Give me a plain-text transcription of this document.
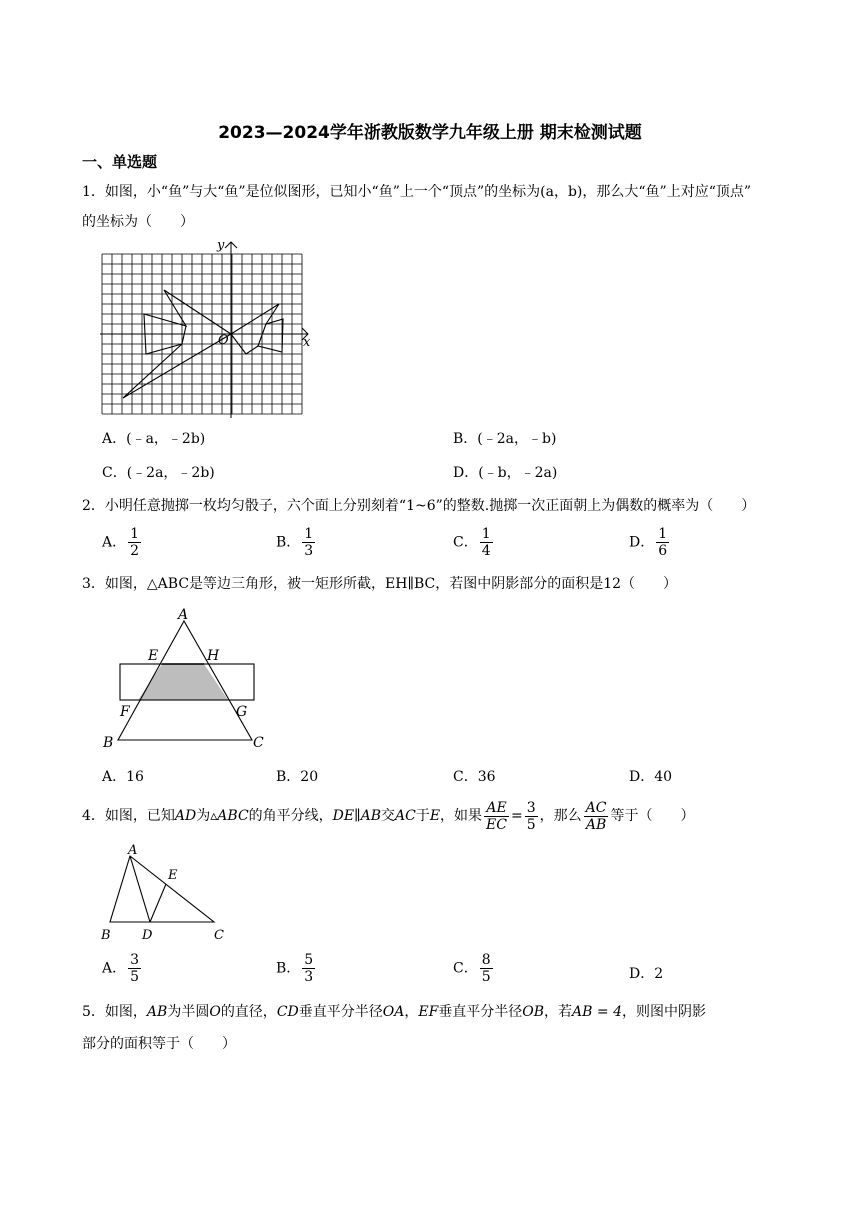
2023—2024学年浙教版数学九年级上册 期末检测试题
一、单选题
1．如图，小“鱼”与大“鱼”是位似图形，已知小“鱼”上一个“顶点”的坐标为(a，b)，那么大“鱼”上对应“顶点”
的坐标为（　　）
y
O	x
A．(﹣a，﹣2b)	B．(﹣2a，﹣b)
C．(﹣2a，﹣2b)	D．(﹣b，﹣2a)
2．小明任意抛掷一枚均匀骰子，六个面上分别刻着“1~6”的整数.抛掷一次正面朝上为偶数的概率为（　　）
A． $\frac{1}{2}$	B． $\frac{1}{3}$	C． $\frac{1}{4}$	D． $\frac{1}{6}$
3．如图，△ABC是等边三角形，被一矩形所截，EH∥BC，若图中阴影部分的面积是12（　　）
A
E	H
F	G
B	C
A．16	B．20	C．36	D．40
4．如图，已知AD为▵ABC的角平分线，DE∥AB交AC于E，如果 $\frac{AE}{EC} = \frac{3}{5}$ ，那么 $\frac{AC}{AB}$ 等于（　　）
A
E
B D	C
A． $\frac{3}{5}$	B． $\frac{5}{3}$	C． $\frac{8}{5}$	D．2
5．如图，AB为半圆O的直径，CD垂直平分半径OA，EF垂直平分半径OB，若AB = 4，则图中阴影
部分的面积等于（　　）
